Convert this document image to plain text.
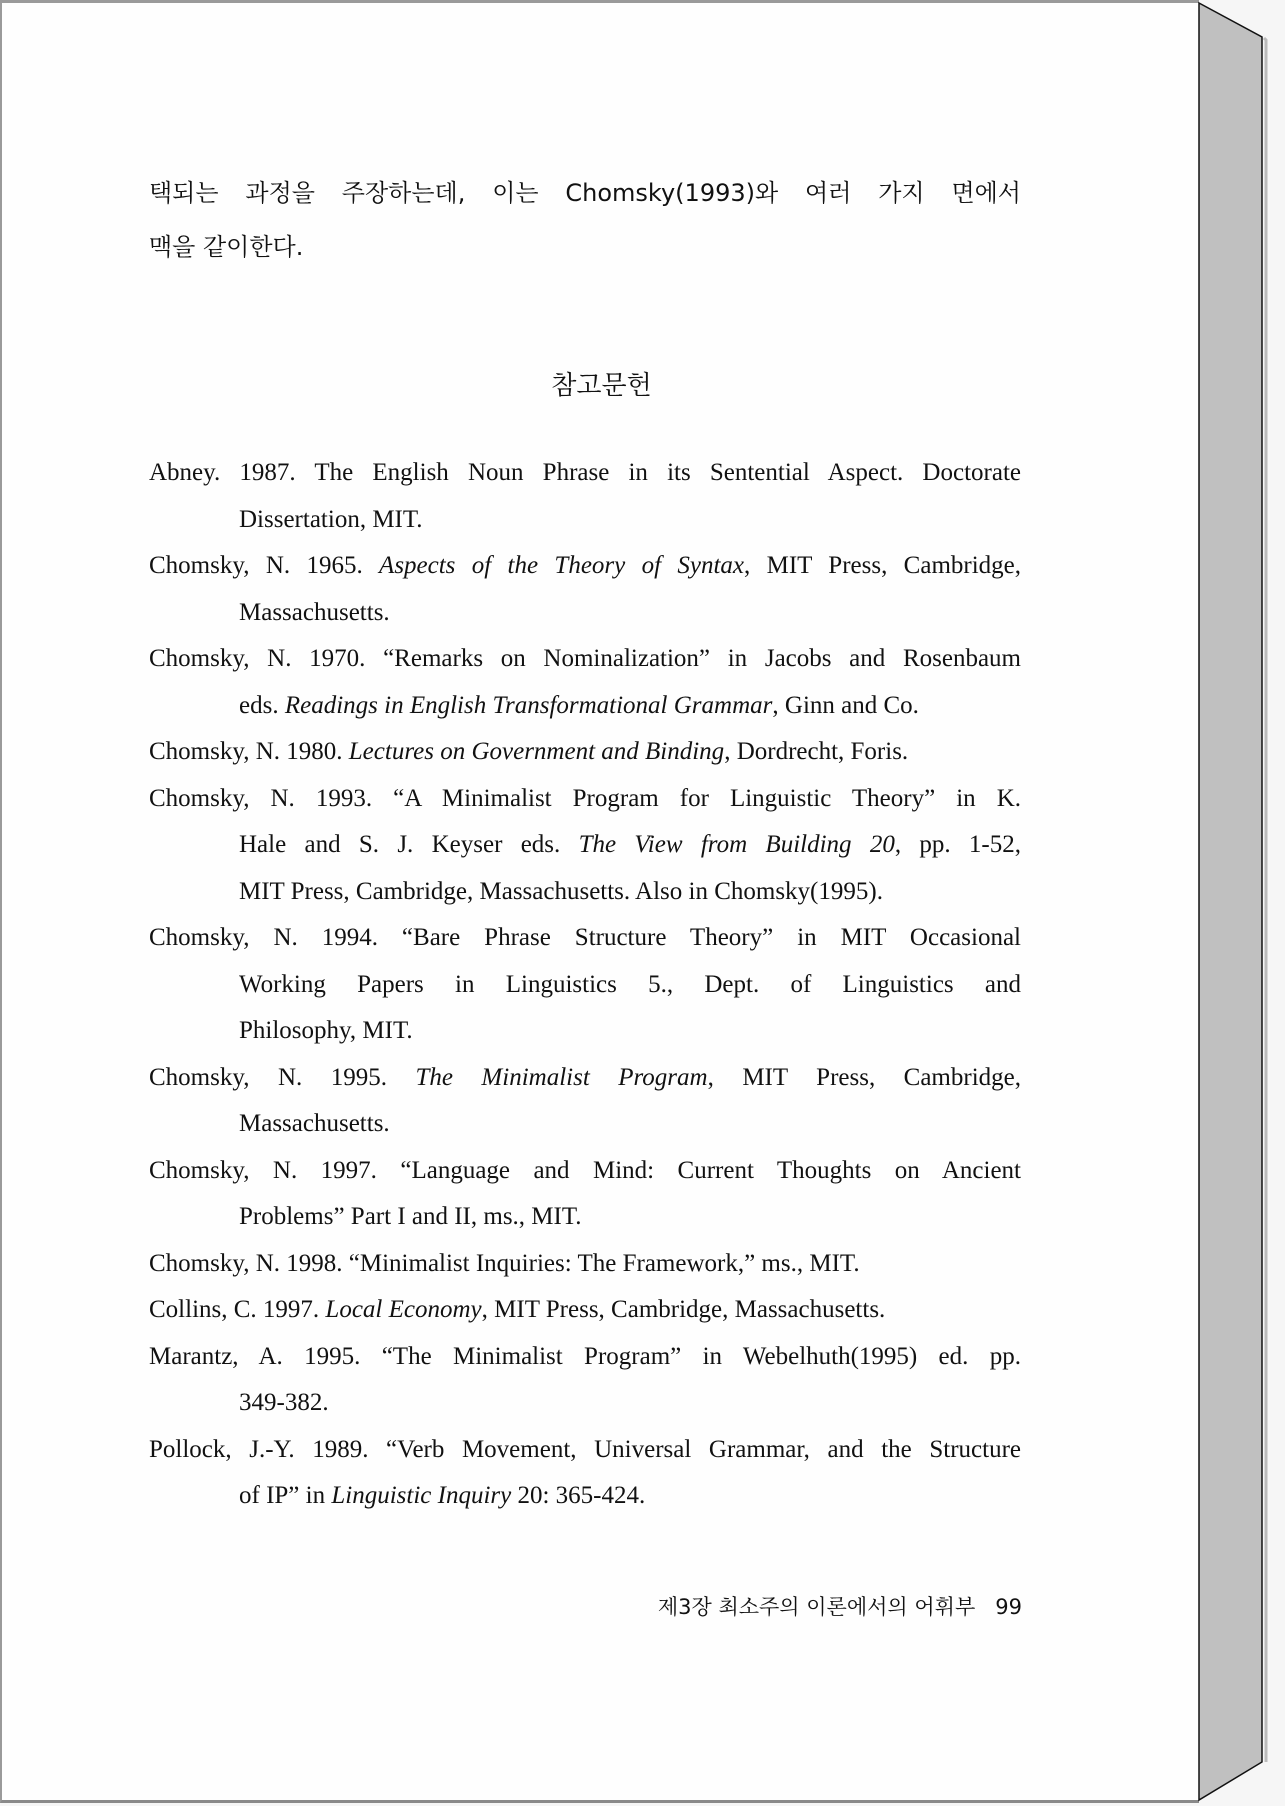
택되는 과정을 주장하는데, 이는 Chomsky(1993)와 여러 가지 면에서
맥을 같이한다.
참고문헌
Abney. 1987. The English Noun Phrase in its Sentential Aspect. Doctorate
Dissertation, MIT.
Chomsky, N. 1965. Aspects of the Theory of Syntax, MIT Press, Cambridge,
Massachusetts.
Chomsky, N. 1970. “Remarks on Nominalization” in Jacobs and Rosenbaum
eds. Readings in English Transformational Grammar, Ginn and Co.
Chomsky, N. 1980. Lectures on Government and Binding, Dordrecht, Foris.
Chomsky, N. 1993. “A Minimalist Program for Linguistic Theory” in K.
Hale and S. J. Keyser eds. The View from Building 20, pp. 1-52,
MIT Press, Cambridge, Massachusetts. Also in Chomsky(1995).
Chomsky, N. 1994. “Bare Phrase Structure Theory” in MIT Occasional
Working Papers in Linguistics 5., Dept. of Linguistics and
Philosophy, MIT.
Chomsky, N. 1995. The Minimalist Program, MIT Press, Cambridge,
Massachusetts.
Chomsky, N. 1997. “Language and Mind: Current Thoughts on Ancient
Problems” Part I and II, ms., MIT.
Chomsky, N. 1998. “Minimalist Inquiries: The Framework,” ms., MIT.
Collins, C. 1997. Local Economy, MIT Press, Cambridge, Massachusetts.
Marantz, A. 1995. “The Minimalist Program” in Webelhuth(1995) ed. pp.
349-382.
Pollock, J.-Y. 1989. “Verb Movement, Universal Grammar, and the Structure
of IP” in Linguistic Inquiry 20: 365-424.
제3장 최소주의 이론에서의 어휘부 99
